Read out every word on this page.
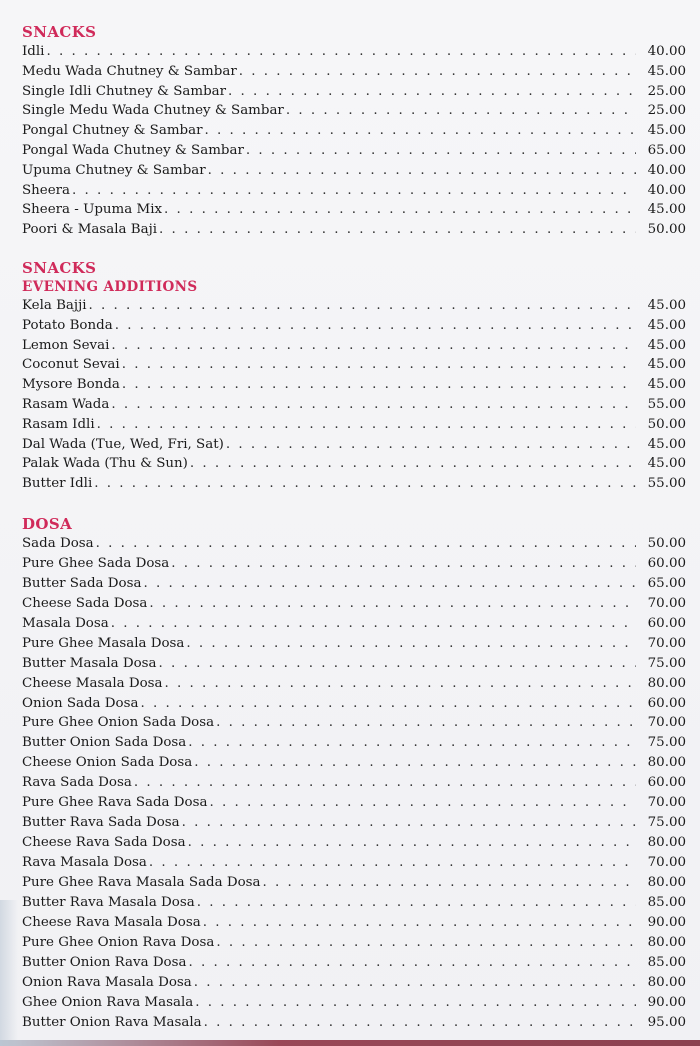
SNACKS
Idli . . .	40.00
Medu Wada Chutney & Sambar . . .	45.00
Single Idli Chutney & Sambar . . .	25.00
Single Medu Wada Chutney & Sambar . . .	25.00
Pongal Chutney & Sambar . . .	45.00
Pongal Wada Chutney & Sambar . . .	65.00
Upuma Chutney & Sambar . . .	40.00
Sheera . . .	40.00
Sheera - Upuma Mix . . .	45.00
Poori & Masala Baji . . .	50.00
SNACKS
EVENING ADDITIONS
Kela Bajji . . .	45.00
Potato Bonda . . .	45.00
Lemon Sevai . . .	45.00
Coconut Sevai . . .	45.00
Mysore Bonda . . .	45.00
Rasam Wada . . .	55.00
Rasam Idli . . .	50.00
Dal Wada (Tue, Wed, Fri, Sat) . . .	45.00
Palak Wada (Thu & Sun) . . .	45.00
Butter Idli . . .	55.00
DOSA
Sada Dosa . . .	50.00
Pure Ghee Sada Dosa . . .	60.00
Butter Sada Dosa . . .	65.00
Cheese Sada Dosa . . .	70.00
Masala Dosa . . .	60.00
Pure Ghee Masala Dosa . . .	70.00
Butter Masala Dosa . . .	75.00
Cheese Masala Dosa . . .	80.00
Onion Sada Dosa . . .	60.00
Pure Ghee Onion Sada Dosa . . .	70.00
Butter Onion Sada Dosa . . .	75.00
Cheese Onion Sada Dosa . . .	80.00
Rava Sada Dosa . . .	60.00
Pure Ghee Rava Sada Dosa . . .	70.00
Butter Rava Sada Dosa . . .	75.00
Cheese Rava Sada Dosa . . .	80.00
Rava Masala Dosa . . .	70.00
Pure Ghee Rava Masala Sada Dosa . . .	80.00
Butter Rava Masala Dosa . . .	85.00
Cheese Rava Masala Dosa . . .	90.00
Pure Ghee Onion Rava Dosa . . .	80.00
Butter Onion Rava Dosa . . .	85.00
Onion Rava Masala Dosa . . .	80.00
Ghee Onion Rava Masala . . .	90.00
Butter Onion Rava Masala . . .	95.00
